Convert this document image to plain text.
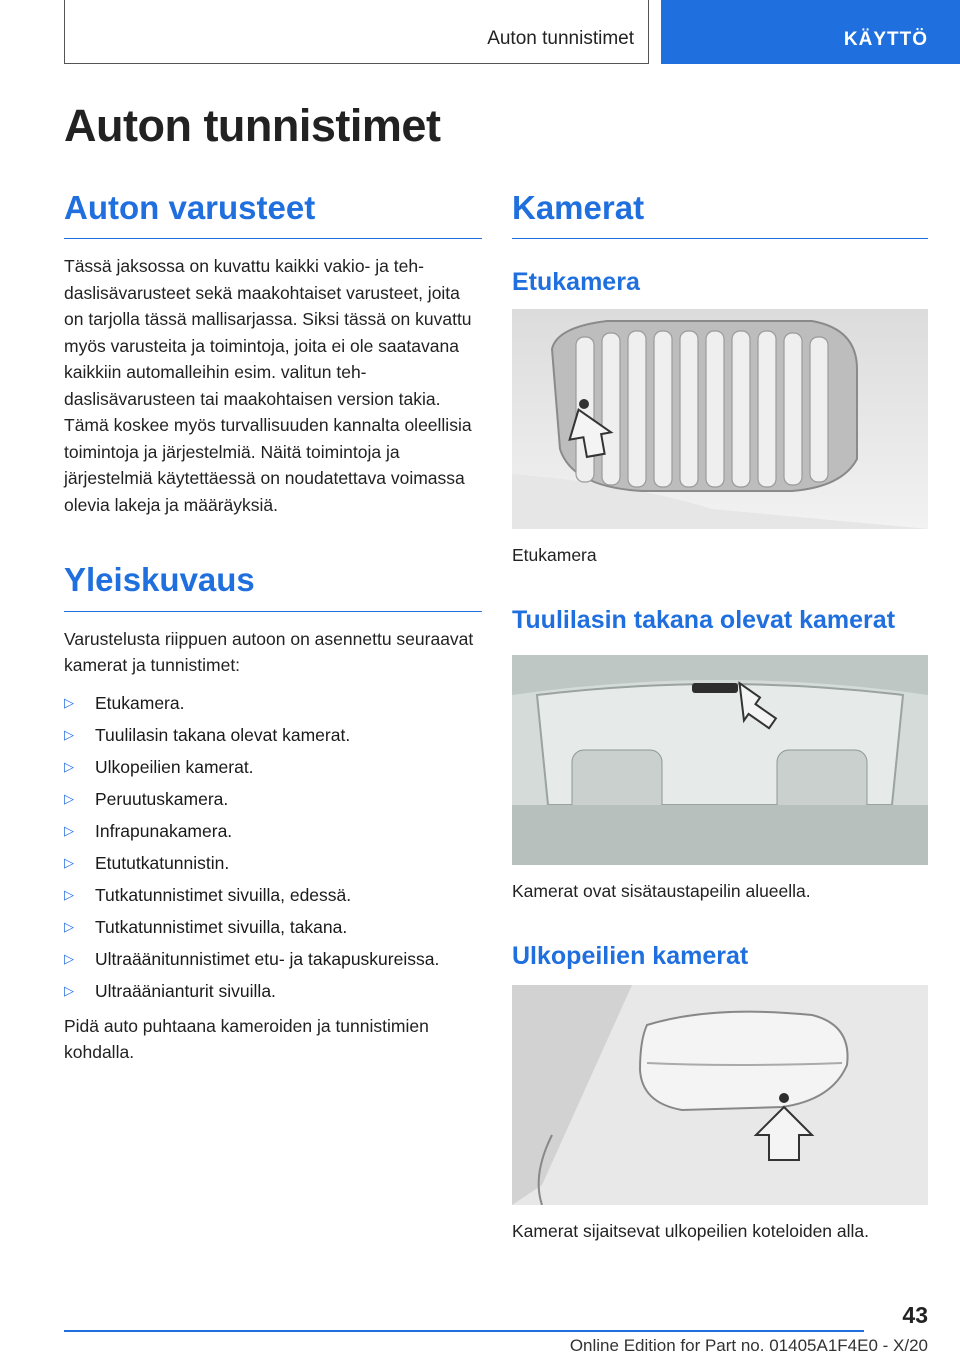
Auton tunnistimet	KÄYTTÖ
Auton tunnistimet
Auton varusteet

Tässä jaksossa on kuvattu kaikki vakio- ja tehdaslisävarusteet sekä maakohtaiset varusteet, joita on tarjolla tässä mallisarjassa. Siksi tässä on kuvattu myös varusteita ja toimintoja, joita ei ole saatavana kaikkiin automalleihin esim. valitun tehdaslisävarusteen tai maakohtaisen version takia. Tämä koskee myös turvallisuuden kannalta oleellisia toimintoja ja järjestelmiä. Näitä toimintoja ja järjestelmiä käytettäessä on noudatettava voimassa olevia lakeja ja määräyksiä.

Yleiskuvaus

Varustelusta riippuen autoon on asennettu seuraavat kamerat ja tunnistimet:

▷ Etukamera.
▷ Tuulilasin takana olevat kamerat.
▷ Ulkopeilien kamerat.
▷ Peruutuskamera.
▷ Infrapunakamera.
▷ Etututkatunnistin.
▷ Tutkatunnistimet sivuilla, edessä.
▷ Tutkatunnistimet sivuilla, takana.
▷ Ultraäänitunnistimet etu- ja takapuskureissa.
▷ Ultraäänianturit sivuilla.

Pidä auto puhtaana kameroiden ja tunnistimien kohdalla.

Kamerat
Etukamera

Etukamera

Tuulilasin takana olevat kamerat

Kamerat ovat sisätaustapeilin alueella.

Ulkopeilien kamerat

Kamerat sijaitsevat ulkopeilien koteloiden alla.

43
Online Edition for Part no. 01405A1F4E0 - X/20
